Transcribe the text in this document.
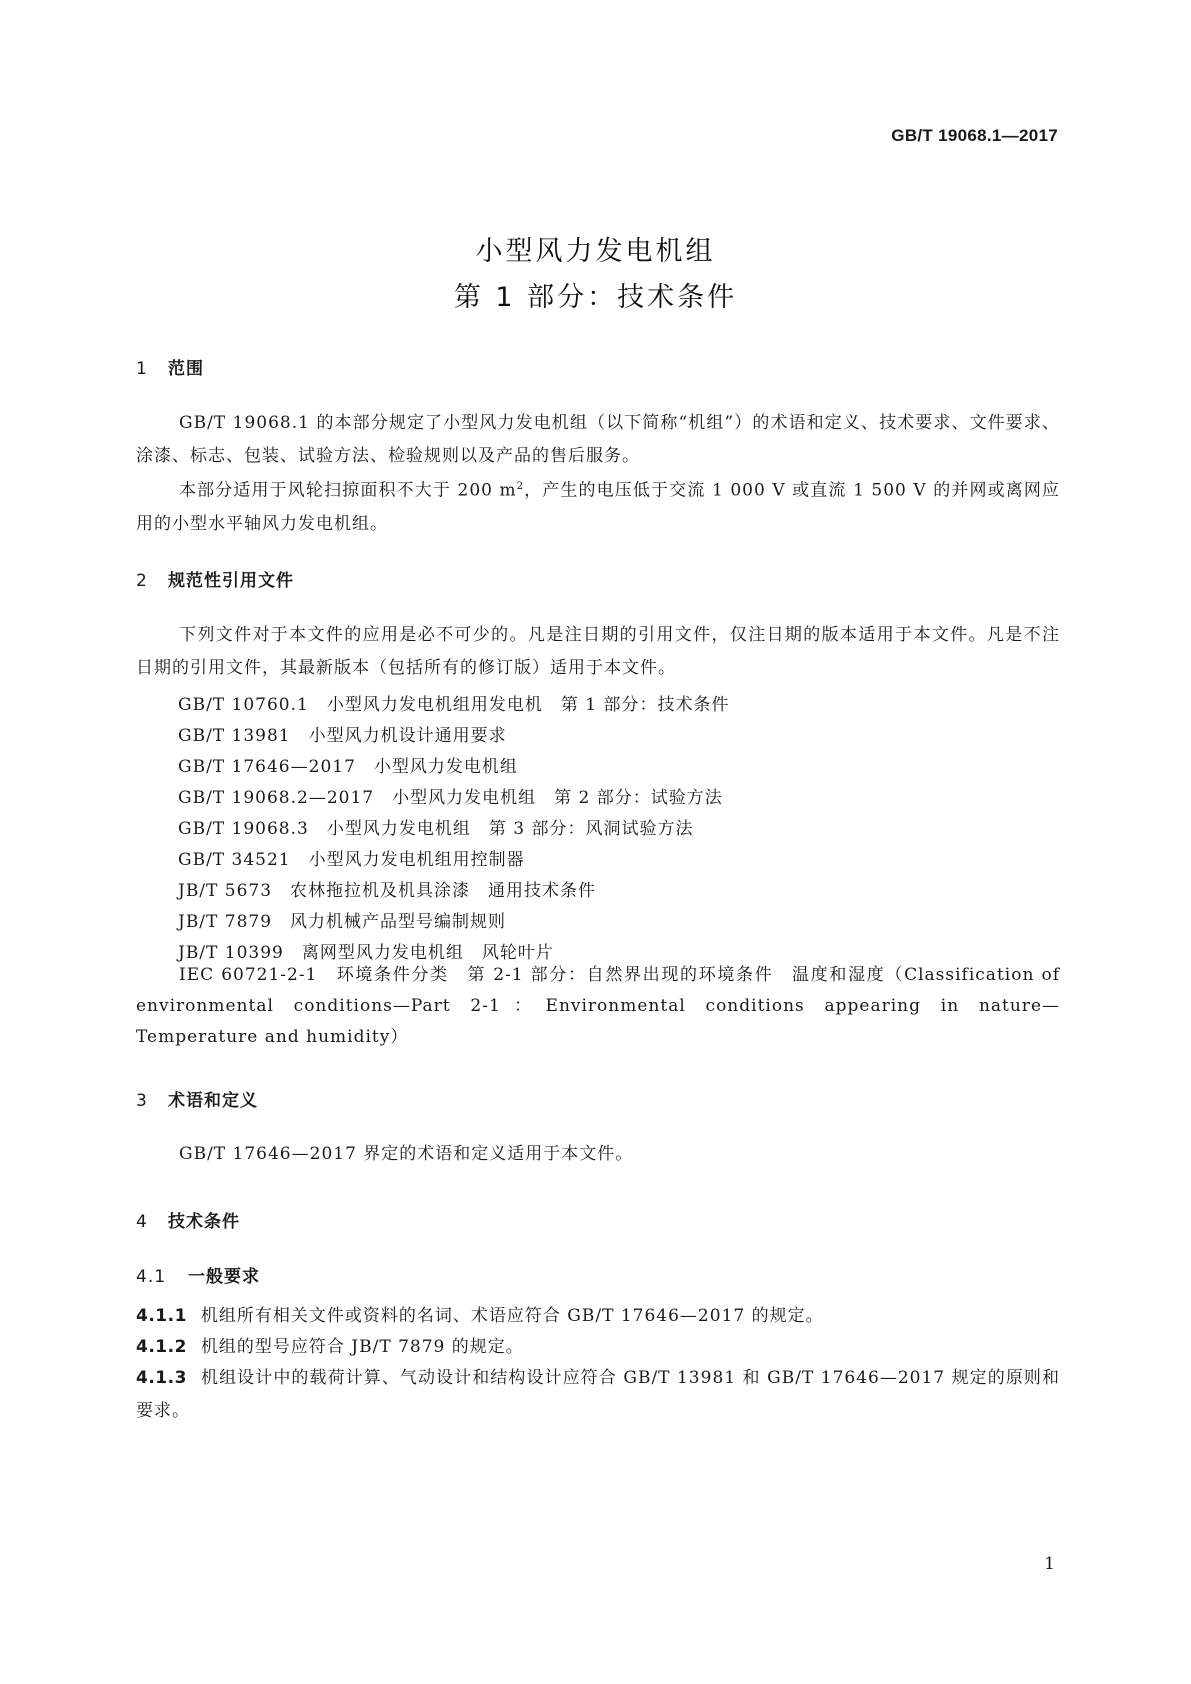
GB/T 19068.1—2017
小型风力发电机组
第 1 部分：技术条件
1 范围
GB/T 19068.1 的本部分规定了小型风力发电机组（以下简称“机组”）的术语和定义、技术要求、文件要求、涂漆、标志、包装、试验方法、检验规则以及产品的售后服务。
本部分适用于风轮扫掠面积不大于 200 $m^2$，产生的电压低于交流 1 000 V 或直流 1 500 V 的并网或离网应用的小型水平轴风力发电机组。
2 规范性引用文件
下列文件对于本文件的应用是必不可少的。凡是注日期的引用文件，仅注日期的版本适用于本文件。凡是不注日期的引用文件，其最新版本（包括所有的修订版）适用于本文件。
GB/T 10760.1　小型风力发电机组用发电机　第 1 部分：技术条件
GB/T 13981　小型风力机设计通用要求
GB/T 17646—2017　小型风力发电机组
GB/T 19068.2—2017　小型风力发电机组　第 2 部分：试验方法
GB/T 19068.3　小型风力发电机组　第 3 部分：风洞试验方法
GB/T 34521　小型风力发电机组用控制器
JB/T 5673　农林拖拉机及机具涂漆　通用技术条件
JB/T 7879　风力机械产品型号编制规则
JB/T 10399　离网型风力发电机组　风轮叶片
IEC 60721-2-1　环境条件分类　第 2-1 部分：自然界出现的环境条件　温度和湿度（Classification of environmental conditions—Part 2-1：Environmental conditions appearing in nature—Temperature and humidity）
3 术语和定义
GB/T 17646—2017 界定的术语和定义适用于本文件。
4 技术条件
4.1 一般要求
4.1.1 机组所有相关文件或资料的名词、术语应符合 GB/T 17646—2017 的规定。
4.1.2 机组的型号应符合 JB/T 7879 的规定。
4.1.3 机组设计中的载荷计算、气动设计和结构设计应符合 GB/T 13981 和 GB/T 17646—2017 规定的原则和要求。
1
